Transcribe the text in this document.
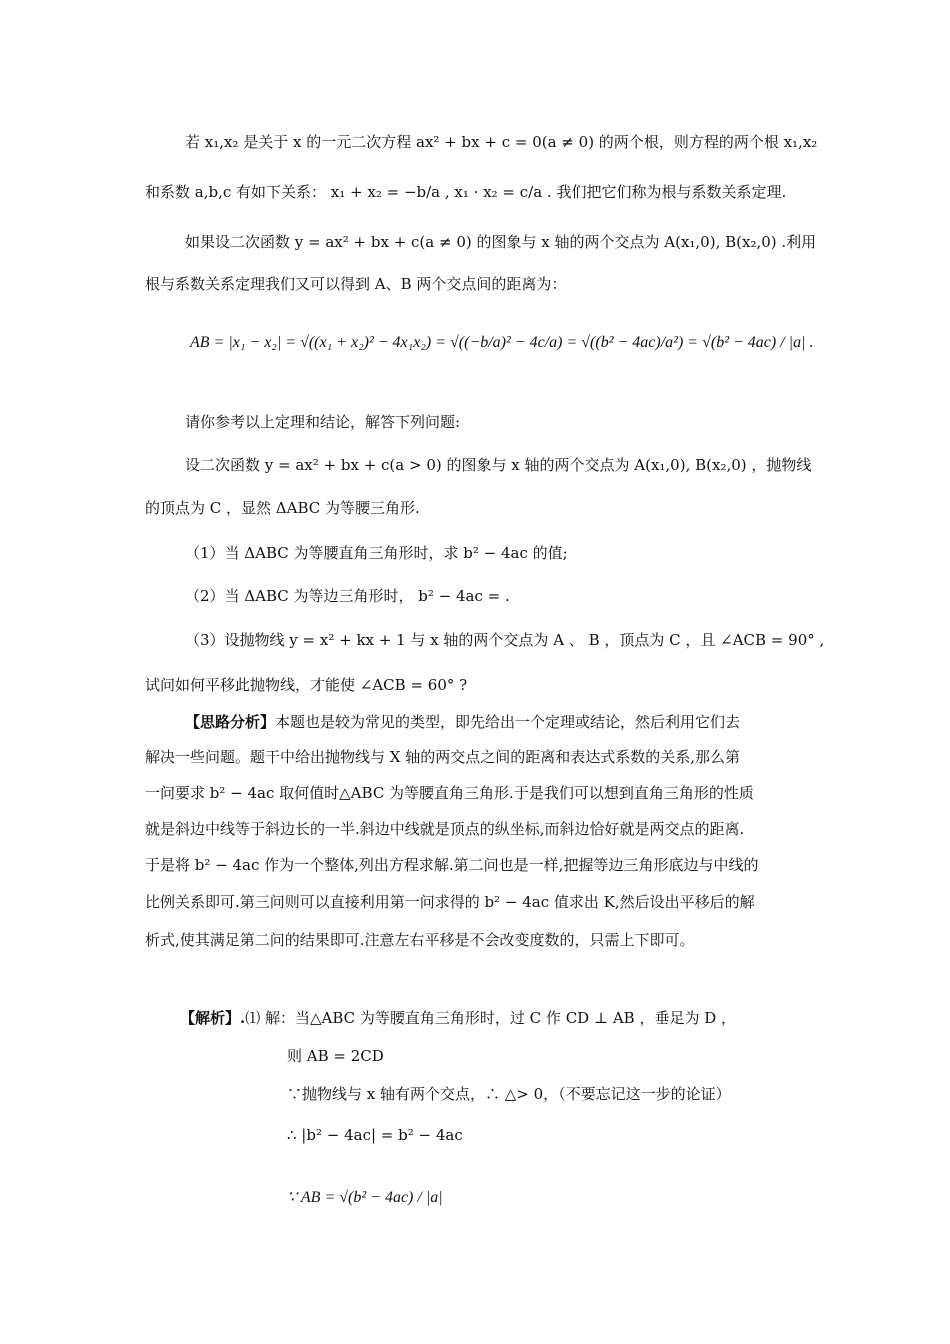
若 x₁,x₂ 是关于 x 的一元二次方程 ax² + bx + c = 0(a ≠ 0) 的两个根，则方程的两个根 x₁,x₂
和系数 a,b,c 有如下关系： x₁ + x₂ = −b/a , x₁ · x₂ = c/a . 我们把它们称为根与系数关系定理.
如果设二次函数 y = ax² + bx + c(a ≠ 0) 的图象与 x 轴的两个交点为 A(x₁,0), B(x₂,0) .利用
根与系数关系定理我们又可以得到 A、B 两个交点间的距离为：
AB = |x₁ − x₂| = √((x₁ + x₂)² − 4x₁x₂) = √((−b/a)² − 4c/a) = √((b² − 4ac)/a²) = √(b² − 4ac) / |a| .
请你参考以上定理和结论，解答下列问题:
设二次函数 y = ax² + bx + c(a > 0) 的图象与 x 轴的两个交点为 A(x₁,0), B(x₂,0) ，抛物线
的顶点为 C ，显然 ΔABC 为等腰三角形.
（1）当 ΔABC 为等腰直角三角形时，求 b² − 4ac 的值;
（2）当 ΔABC 为等边三角形时， b² − 4ac = .
（3）设抛物线 y = x² + kx + 1 与 x 轴的两个交点为 A 、 B ，顶点为 C ，且 ∠ACB = 90° ,
试问如何平移此抛物线，才能使 ∠ACB = 60° ?
【思路分析】本题也是较为常见的类型，即先给出一个定理或结论，然后利用它们去
解决一些问题。题干中给出抛物线与 X 轴的两交点之间的距离和表达式系数的关系,那么第
一问要求 b² − 4ac 取何值时△ABC 为等腰直角三角形.于是我们可以想到直角三角形的性质
就是斜边中线等于斜边长的一半.斜边中线就是顶点的纵坐标,而斜边恰好就是两交点的距离.
于是将 b² − 4ac 作为一个整体,列出方程求解.第二问也是一样,把握等边三角形底边与中线的
比例关系即可.第三问则可以直接利用第一问求得的 b² − 4ac 值求出 K,然后设出平移后的解
析式,使其满足第二问的结果即可.注意左右平移是不会改变度数的，只需上下即可。
【解析】.⑴ 解：当△ABC 为等腰直角三角形时，过 C 作 CD ⊥ AB ，垂足为 D ，
则 AB = 2CD
∵抛物线与 x 轴有两个交点，∴ △> 0，（不要忘记这一步的论证）
∴ |b² − 4ac| = b² − 4ac
∵ AB = √(b² − 4ac) / |a|
